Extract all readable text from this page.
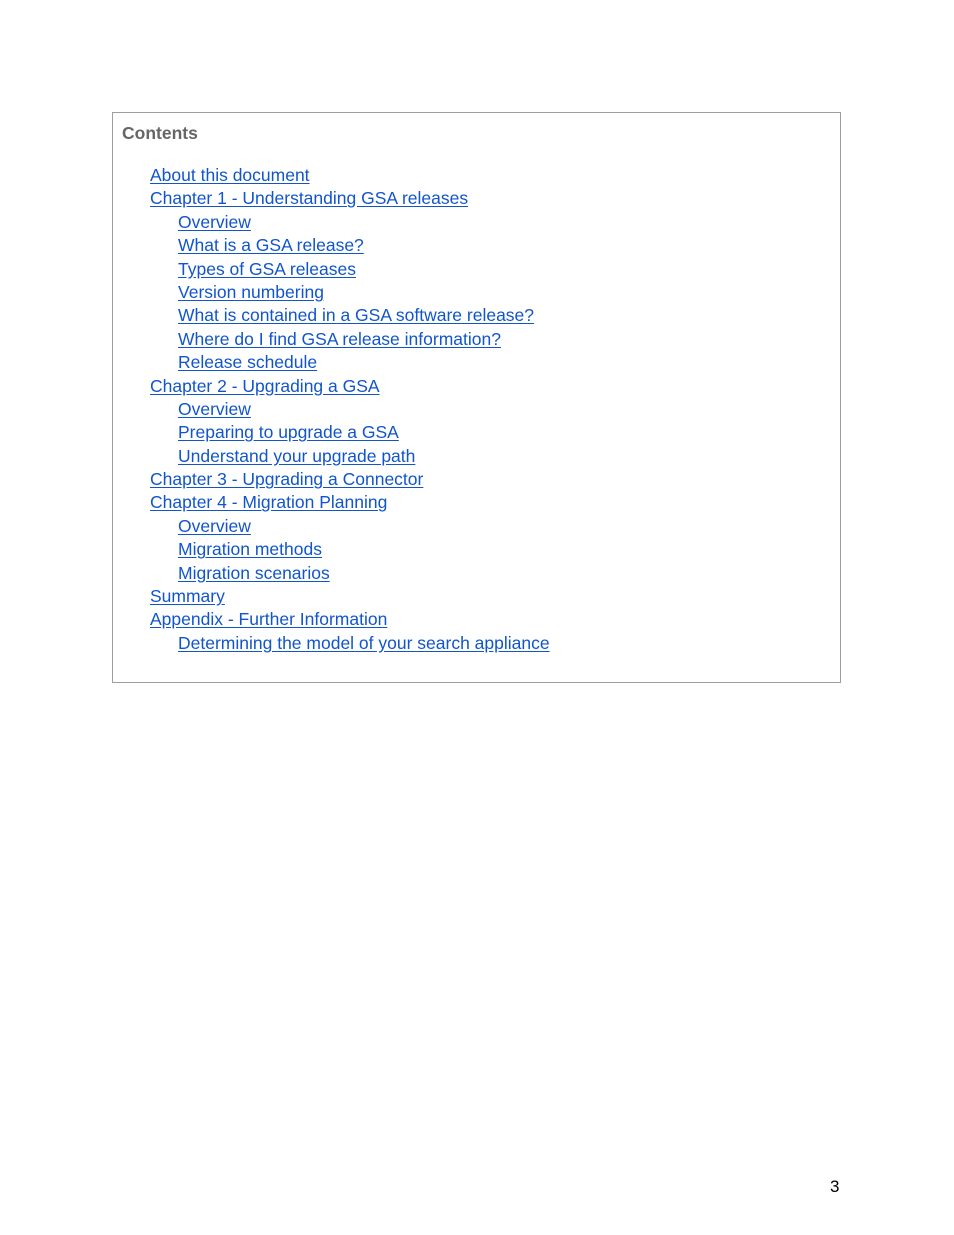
Contents
About this document
Chapter 1 - Understanding GSA releases
Overview
What is a GSA release?
Types of GSA releases
Version numbering
What is contained in a GSA software release?
Where do I find GSA release information?
Release schedule
Chapter 2 - Upgrading a GSA
Overview
Preparing to upgrade a GSA
Understand your upgrade path
Chapter 3 - Upgrading a Connector
Chapter 4 - Migration Planning
Overview
Migration methods
Migration scenarios
Summary
Appendix - Further Information
Determining the model of your search appliance
3
